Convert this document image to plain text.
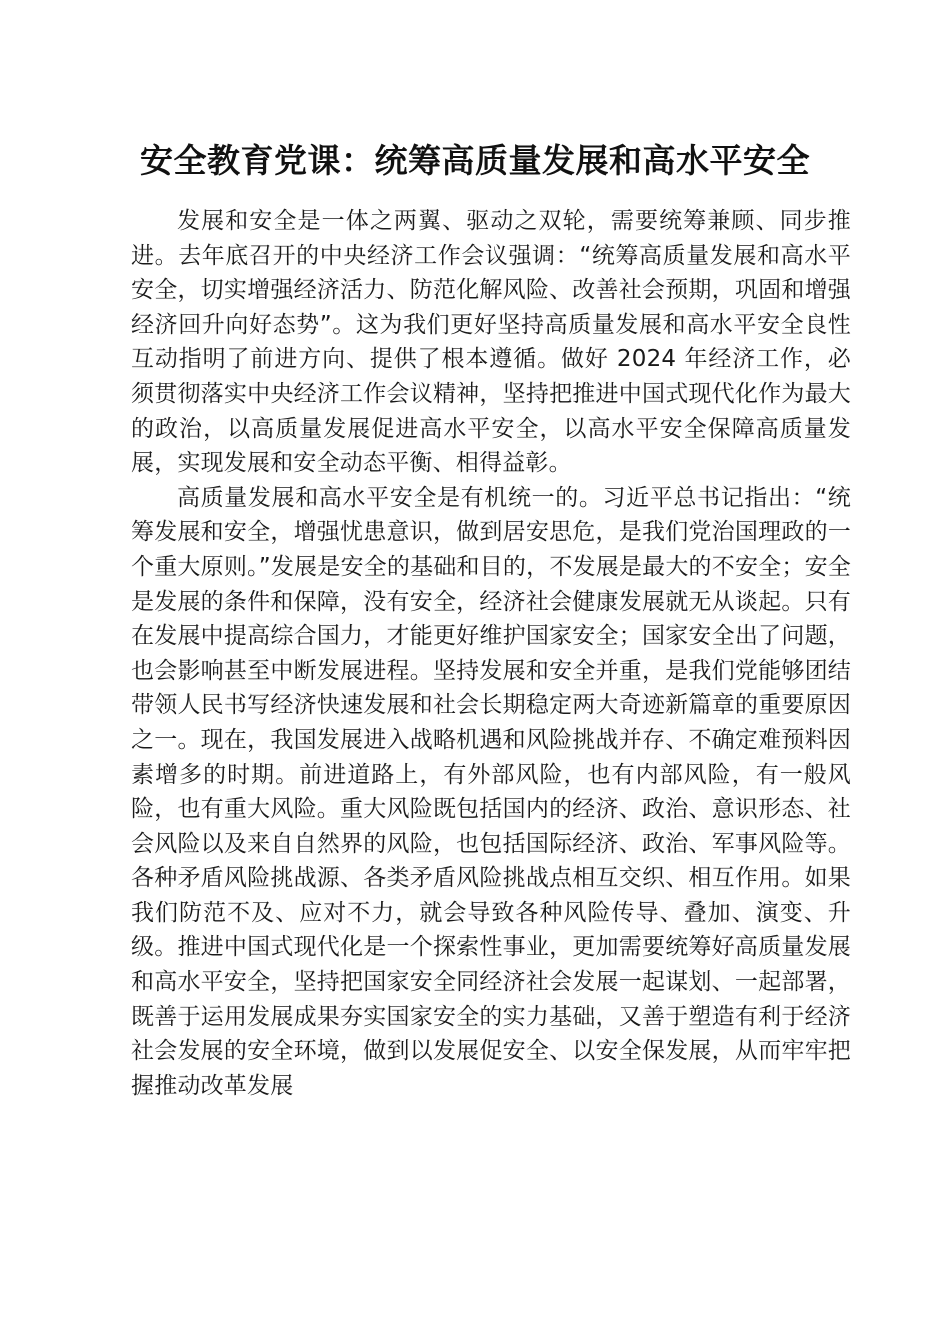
安全教育党课：统筹高质量发展和高水平安全

发展和安全是一体之两翼、驱动之双轮，需要统筹兼顾、同步推进。去年底召开的中央经济工作会议强调：“统筹高质量发展和高水平安全，切实增强经济活力、防范化解风险、改善社会预期，巩固和增强经济回升向好态势”。这为我们更好坚持高质量发展和高水平安全良性互动指明了前进方向、提供了根本遵循。做好 2024 年经济工作，必须贯彻落实中央经济工作会议精神，坚持把推进中国式现代化作为最大的政治，以高质量发展促进高水平安全，以高水平安全保障高质量发展，实现发展和安全动态平衡、相得益彰。

高质量发展和高水平安全是有机统一的。习近平总书记指出：“统筹发展和安全，增强忧患意识，做到居安思危，是我们党治国理政的一个重大原则。”发展是安全的基础和目的，不发展是最大的不安全；安全是发展的条件和保障，没有安全，经济社会健康发展就无从谈起。只有在发展中提高综合国力，才能更好维护国家安全；国家安全出了问题，也会影响甚至中断发展进程。坚持发展和安全并重，是我们党能够团结带领人民书写经济快速发展和社会长期稳定两大奇迹新篇章的重要原因之一。现在，我国发展进入战略机遇和风险挑战并存、不确定难预料因素增多的时期。前进道路上，有外部风险，也有内部风险，有一般风险，也有重大风险。重大风险既包括国内的经济、政治、意识形态、社会风险以及来自自然界的风险，也包括国际经济、政治、军事风险等。各种矛盾风险挑战源、各类矛盾风险挑战点相互交织、相互作用。如果我们防范不及、应对不力，就会导致各种风险传导、叠加、演变、升级。推进中国式现代化是一个探索性事业，更加需要统筹好高质量发展和高水平安全，坚持把国家安全同经济社会发展一起谋划、一起部署，既善于运用发展成果夯实国家安全的实力基础，又善于塑造有利于经济社会发展的安全环境，做到以发展促安全、以安全保发展，从而牢牢把握推动改革发展
